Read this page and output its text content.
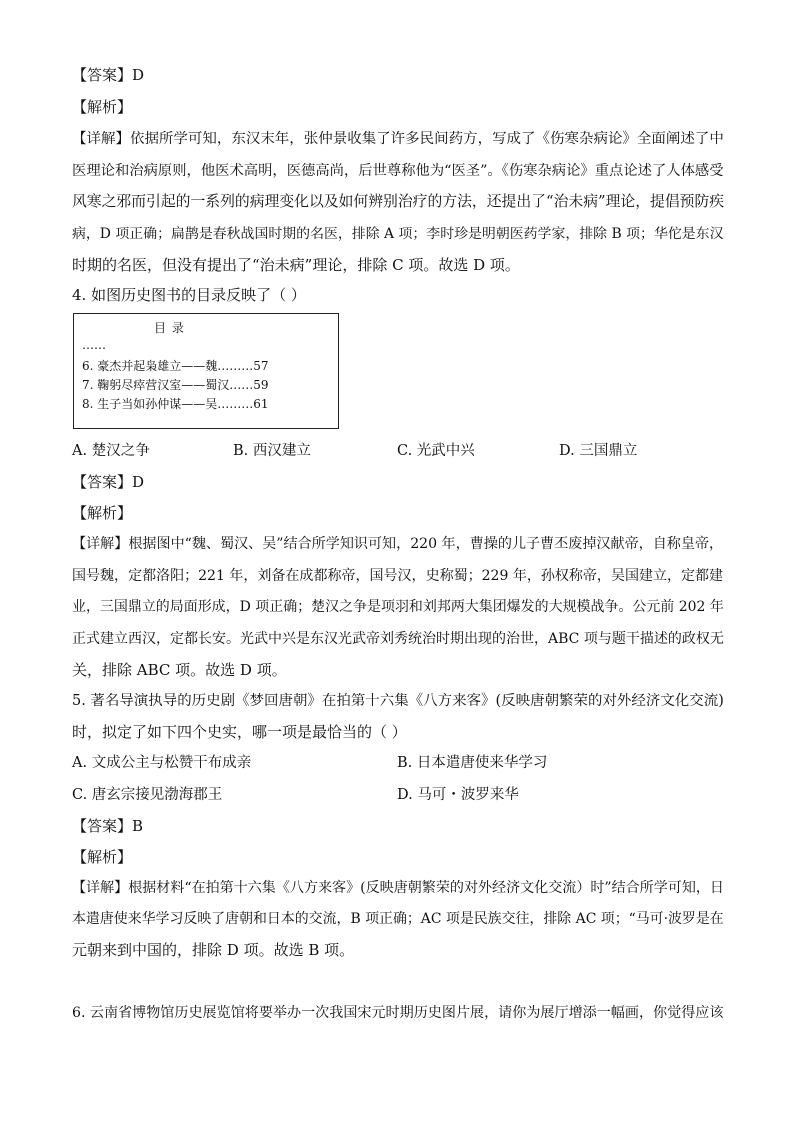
【答案】D
【解析】
【详解】依据所学可知，东汉末年，张仲景收集了许多民间药方，写成了《伤寒杂病论》全面阐述了中
医理论和治病原则，他医术高明，医德高尚，后世尊称他为“医圣”。《伤寒杂病论》重点论述了人体感受
风寒之邪而引起的一系列的病理变化以及如何辨别治疗的方法，还提出了“治未病”理论，提倡预防疾
病，D 项正确；扁鹊是春秋战国时期的名医，排除 A 项；李时珍是明朝医药学家，排除 B 项；华佗是东汉
时期的名医，但没有提出了“治未病”理论，排除 C 项。故选 D 项。
4. 如图历史图书的目录反映了（ ）
目 录
……
6. 豪杰并起枭雄立——魏………57
7. 鞠躬尽瘁营汉室——蜀汉……59
8. 生子当如孙仲谋——吴………61
A. 楚汉之争	B. 西汉建立	C. 光武中兴	D. 三国鼎立
【答案】D
【解析】
【详解】根据图中“魏、蜀汉、吴”结合所学知识可知，220 年，曹操的儿子曹丕废掉汉献帝，自称皇帝，
国号魏，定都洛阳；221 年，刘备在成都称帝，国号汉，史称蜀；229 年，孙权称帝，吴国建立，定都建
业，三国鼎立的局面形成，D 项正确；楚汉之争是项羽和刘邦两大集团爆发的大规模战争。公元前 202 年
正式建立西汉，定都长安。光武中兴是东汉光武帝刘秀统治时期出现的治世，ABC 项与题干描述的政权无
关，排除 ABC 项。故选 D 项。
5. 著名导演执导的历史剧《梦回唐朝》在拍第十六集《八方来客》(反映唐朝繁荣的对外经济文化交流)
时，拟定了如下四个史实，哪一项是最恰当的（ ）
A. 文成公主与松赞干布成亲	B. 日本遣唐使来华学习
C. 唐玄宗接见渤海郡王	D. 马可・波罗来华
【答案】B
【解析】
【详解】根据材料“在拍第十六集《八方来客》(反映唐朝繁荣的对外经济文化交流）时”结合所学可知，日
本遣唐使来华学习反映了唐朝和日本的交流，B 项正确；AC 项是民族交往，排除 AC 项；“马可·波罗是在
元朝来到中国的，排除 D 项。故选 B 项。
6. 云南省博物馆历史展览馆将要举办一次我国宋元时期历史图片展，请你为展厅增添一幅画，你觉得应该
